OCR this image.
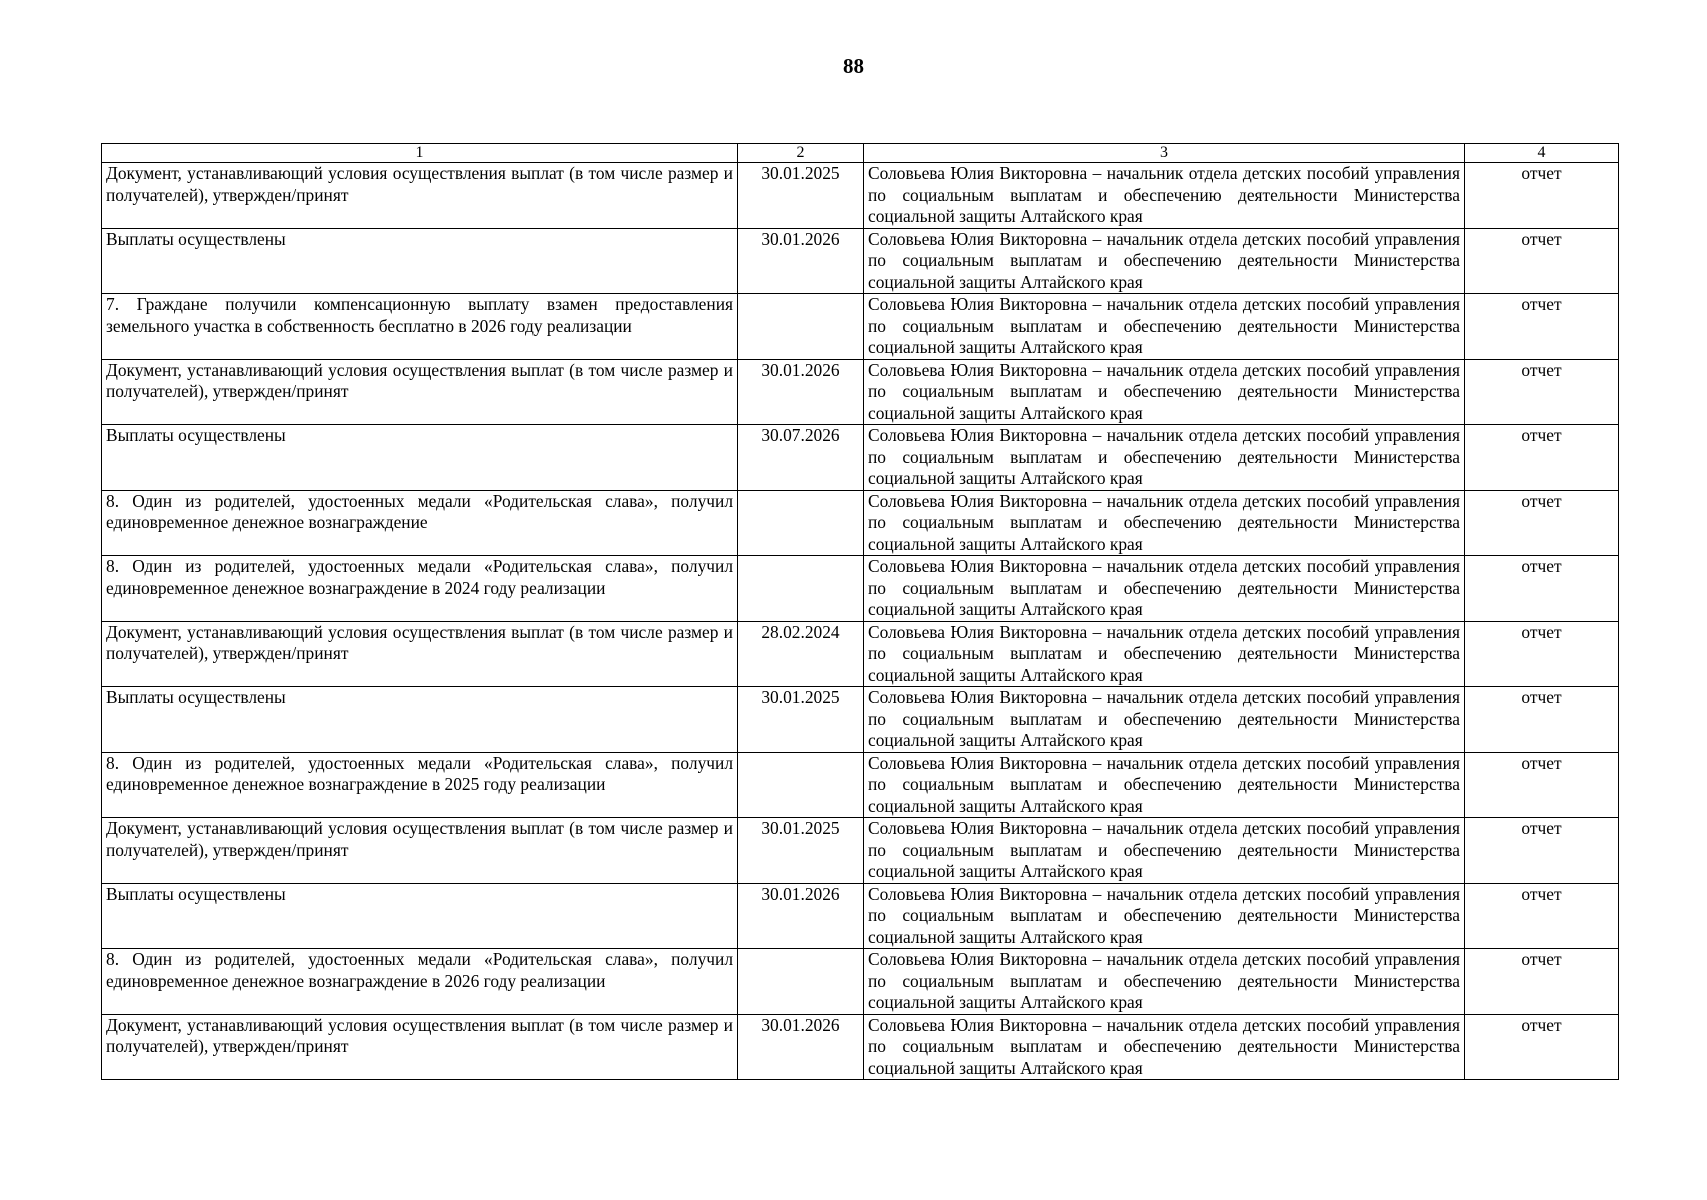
88
1	2	3	4
Документ, устанавливающий условия осуществления выплат (в том числе размер и получателей), утвержден/принят	30.01.2025	Соловьева Юлия Викторовна – начальник отдела детских пособий управления по социальным выплатам и обеспечению деятельности Министерства социальной защиты Алтайского края	отчет
Выплаты осуществлены	30.01.2026	Соловьева Юлия Викторовна – начальник отдела детских пособий управления по социальным выплатам и обеспечению деятельности Министерства социальной защиты Алтайского края	отчет
7. Граждане получили компенсационную выплату взамен предоставления земельного участка в собственность бесплатно в 2026 году реализации		Соловьева Юлия Викторовна – начальник отдела детских пособий управления по социальным выплатам и обеспечению деятельности Министерства социальной защиты Алтайского края	отчет
Документ, устанавливающий условия осуществления выплат (в том числе размер и получателей), утвержден/принят	30.01.2026	Соловьева Юлия Викторовна – начальник отдела детских пособий управления по социальным выплатам и обеспечению деятельности Министерства социальной защиты Алтайского края	отчет
Выплаты осуществлены	30.07.2026	Соловьева Юлия Викторовна – начальник отдела детских пособий управления по социальным выплатам и обеспечению деятельности Министерства социальной защиты Алтайского края	отчет
8. Один из родителей, удостоенных медали «Родительская слава», получил единовременное денежное вознаграждение		Соловьева Юлия Викторовна – начальник отдела детских пособий управления по социальным выплатам и обеспечению деятельности Министерства социальной защиты Алтайского края	отчет
8. Один из родителей, удостоенных медали «Родительская слава», получил единовременное денежное вознаграждение в 2024 году реализации		Соловьева Юлия Викторовна – начальник отдела детских пособий управления по социальным выплатам и обеспечению деятельности Министерства социальной защиты Алтайского края	отчет
Документ, устанавливающий условия осуществления выплат (в том числе размер и получателей), утвержден/принят	28.02.2024	Соловьева Юлия Викторовна – начальник отдела детских пособий управления по социальным выплатам и обеспечению деятельности Министерства социальной защиты Алтайского края	отчет
Выплаты осуществлены	30.01.2025	Соловьева Юлия Викторовна – начальник отдела детских пособий управления по социальным выплатам и обеспечению деятельности Министерства социальной защиты Алтайского края	отчет
8. Один из родителей, удостоенных медали «Родительская слава», получил единовременное денежное вознаграждение в 2025 году реализации		Соловьева Юлия Викторовна – начальник отдела детских пособий управления по социальным выплатам и обеспечению деятельности Министерства социальной защиты Алтайского края	отчет
Документ, устанавливающий условия осуществления выплат (в том числе размер и получателей), утвержден/принят	30.01.2025	Соловьева Юлия Викторовна – начальник отдела детских пособий управления по социальным выплатам и обеспечению деятельности Министерства социальной защиты Алтайского края	отчет
Выплаты осуществлены	30.01.2026	Соловьева Юлия Викторовна – начальник отдела детских пособий управления по социальным выплатам и обеспечению деятельности Министерства социальной защиты Алтайского края	отчет
8. Один из родителей, удостоенных медали «Родительская слава», получил единовременное денежное вознаграждение в 2026 году реализации		Соловьева Юлия Викторовна – начальник отдела детских пособий управления по социальным выплатам и обеспечению деятельности Министерства социальной защиты Алтайского края	отчет
Документ, устанавливающий условия осуществления выплат (в том числе размер и получателей), утвержден/принят	30.01.2026	Соловьева Юлия Викторовна – начальник отдела детских пособий управления по социальным выплатам и обеспечению деятельности Министерства социальной защиты Алтайского края	отчет
